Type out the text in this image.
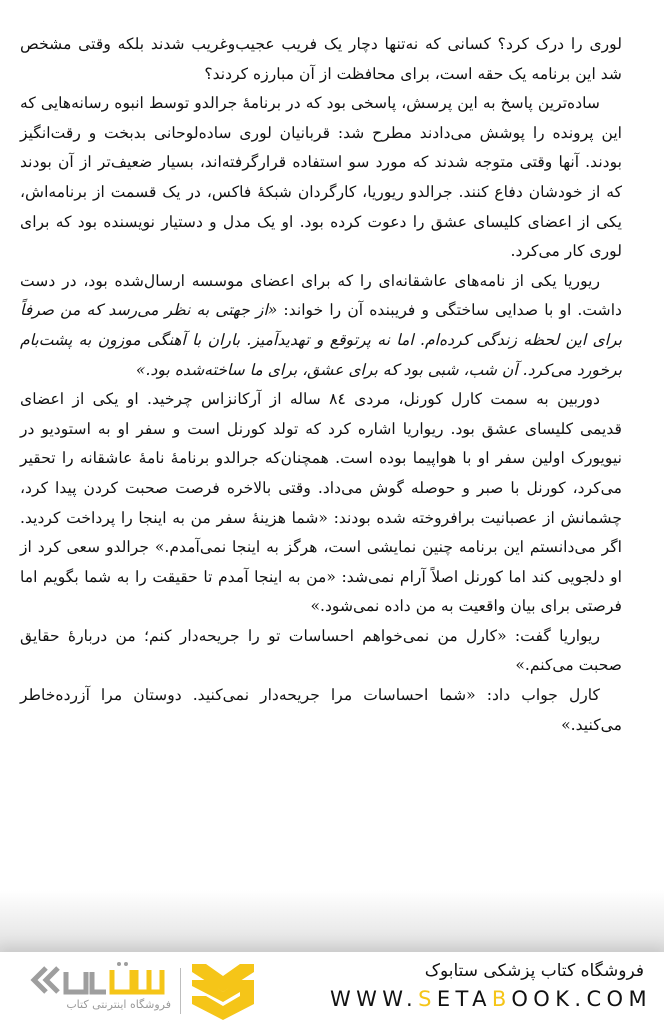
لوری را درک کرد؟ کسانی که نه‌تنها دچار یک فریب عجیب‌وغریب شدند بلکه وقتی مشخص شد این برنامه یک حقه است، برای محافظت از آن مبارزه کردند؟

ساده‌ترین پاسخ به این پرسش، پاسخی بود که در برنامهٔ جرالدو توسط انبوه رسانه‌هایی که این پرونده را پوشش می‌دادند مطرح شد: قربانیان لوری ساده‌لوحانی بدبخت و رقت‌انگیز بودند. آنها وقتی متوجه شدند که مورد سو استفاده قرارگرفته‌اند، بسیار ضعیف‌تر از آن بودند که از خودشان دفاع کنند. جرالدو ریوریا، کارگردان شبکهٔ فاکس، در یک قسمت از برنامه‌اش، یکی از اعضای کلیسای عشق را دعوت کرده بود. او یک مدل و دستیار نویسنده بود که برای لوری کار می‌کرد.

ریوریا یکی از نامه‌های عاشقانه‌ای را که برای اعضای موسسه ارسال‌شده بود، در دست داشت. او با صدایی ساختگی و فریبنده آن را خواند: «از جهتی به نظر می‌رسد که من صرفاً برای این لحظه زندگی کرده‌ام. اما نه پرتوقع و تهدیدآمیز. باران با آهنگی موزون به پشت‌بام برخورد می‌کرد. آن شب، شبی بود که برای عشق، برای ما ساخته‌شده بود.»

دوربین به سمت کارل کورنل، مردی ۸٤ ساله از آرکانزاس چرخید. او یکی از اعضای قدیمی کلیسای عشق بود. ریواریا اشاره کرد که تولد کورنل است و سفر او به استودیو در نیویورک اولین سفر او با هواپیما بوده است. همچنان‌که جرالدو برنامهٔ نامهٔ عاشقانه را تحقیر می‌کرد، کورنل با صبر و حوصله گوش می‌داد. وقتی بالاخره فرصت صحبت کردن پیدا کرد، چشمانش از عصبانیت برافروخته شده بودند: «شما هزینهٔ سفر من به اینجا را پرداخت کردید. اگر می‌دانستم این برنامه چنین نمایشی است، هرگز به اینجا نمی‌آمدم.» جرالدو سعی کرد از او دلجویی کند اما کورنل اصلاً آرام نمی‌شد: «من به اینجا آمدم تا حقیقت را به شما بگویم اما فرصتی برای بیان واقعیت به من داده نمی‌شود.»

ریواریا گفت: «کارل من نمی‌خواهم احساسات تو را جریحه‌دار کنم؛ من دربارهٔ حقایق صحبت می‌کنم.»

کارل جواب داد: «شما احساسات مرا جریحه‌دار نمی‌کنید. دوستان مرا آزرده‌خاطر می‌کنید.»

فروشگاه اینترنتی کتاب
فروشگاه کتاب پزشکی ستابوک
WWW.SETABOOK.COM
